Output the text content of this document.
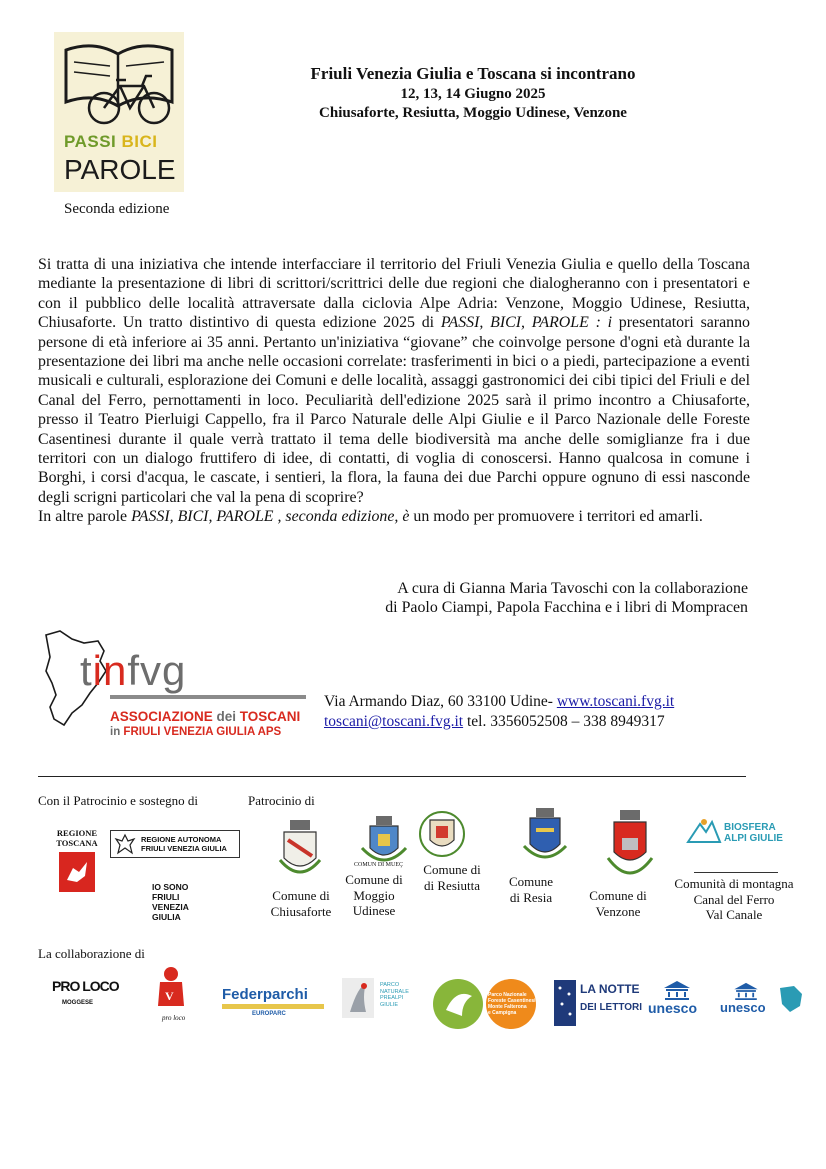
PASSI BICI
PAROLE
Seconda edizione
Friuli Venezia Giulia e Toscana si incontrano
12, 13, 14 Giugno 2025
Chiusaforte, Resiutta, Moggio Udinese, Venzone

Si tratta di una iniziativa che intende interfacciare il territorio del Friuli Venezia Giulia e quello della Toscana mediante la presentazione di libri di scrittori/scrittrici delle due regioni che dialogheranno con i presentatori e con il pubblico delle località attraversate dalla ciclovia Alpe Adria: Venzone, Moggio Udinese, Resiutta, Chiusaforte. Un tratto distintivo di questa edizione 2025 di PASSI, BICI, PAROLE : i presentatori saranno persone di età inferiore ai 35 anni. Pertanto un'iniziativa “giovane” che coinvolge persone d'ogni età durante la presentazione dei libri ma anche nelle occasioni correlate: trasferimenti in bici o a piedi, partecipazione a eventi musicali e culturali, esplorazione dei Comuni e delle località, assaggi gastronomici dei cibi tipici del Friuli e del Canal del Ferro, pernottamenti in loco. Peculiarità dell'edizione 2025 sarà il primo incontro a Chiusaforte, presso il Teatro Pierluigi Cappello, fra il Parco Naturale delle Alpi Giulie e il Parco Nazionale delle Foreste Casentinesi durante il quale verrà trattato il tema delle biodiversità ma anche delle somiglianze fra i due territori con un dialogo fruttifero di idee, di contatti, di voglia di conoscersi. Hanno qualcosa in comune i Borghi, i corsi d'acqua, le cascate, i sentieri, la flora, la fauna dei due Parchi oppure ognuno di essi nasconde degli scrigni particolari che val la pena di scoprire?

In altre parole PASSI, BICI, PAROLE , seconda edizione, è un modo per promuovere i territori ed amarli.

A cura di Gianna Maria Tavoschi con la collaborazione
di Paolo Ciampi, Papola Facchina e i libri di Mompracen
tinfvg
ASSOCIAZIONE dei TOSCANI
in FRIULI VENEZIA GIULIA APS
Via Armando Diaz, 60 33100 Udine- www.toscani.fvg.it
toscani@toscani.fvg.it tel. 3356052508 – 338 8949317
Con il Patrocinio e sostegno di	Patrocinio di
REGIONE
TOSCANA	REGIONE AUTONOMA
FRIULI VENEZIA GIULIA
IO SONO
FRIULI
VENEZIA
GIULIA
Comune di
Chiusaforte
COMUN DI MUEÇ
Comune di
Moggio
Udinese
Comune di
di Resiutta	Comune
di Resia	Comune di
Venzone
BIOSFERA
ALPI GIULIE
Comunità di montagna
Canal del Ferro
Val Canale
La collaborazione di
PRO LOCO
MOGGESE	V
pro loco
Federparchi
EUROPARC
PARCO
NATURALE
PREALPI
GIULIE
Parco Nazionale
Foreste Casentinesi
Monte Falterona
e Campigna
LA NOTTE
DEI LETTORI unesco unesco
